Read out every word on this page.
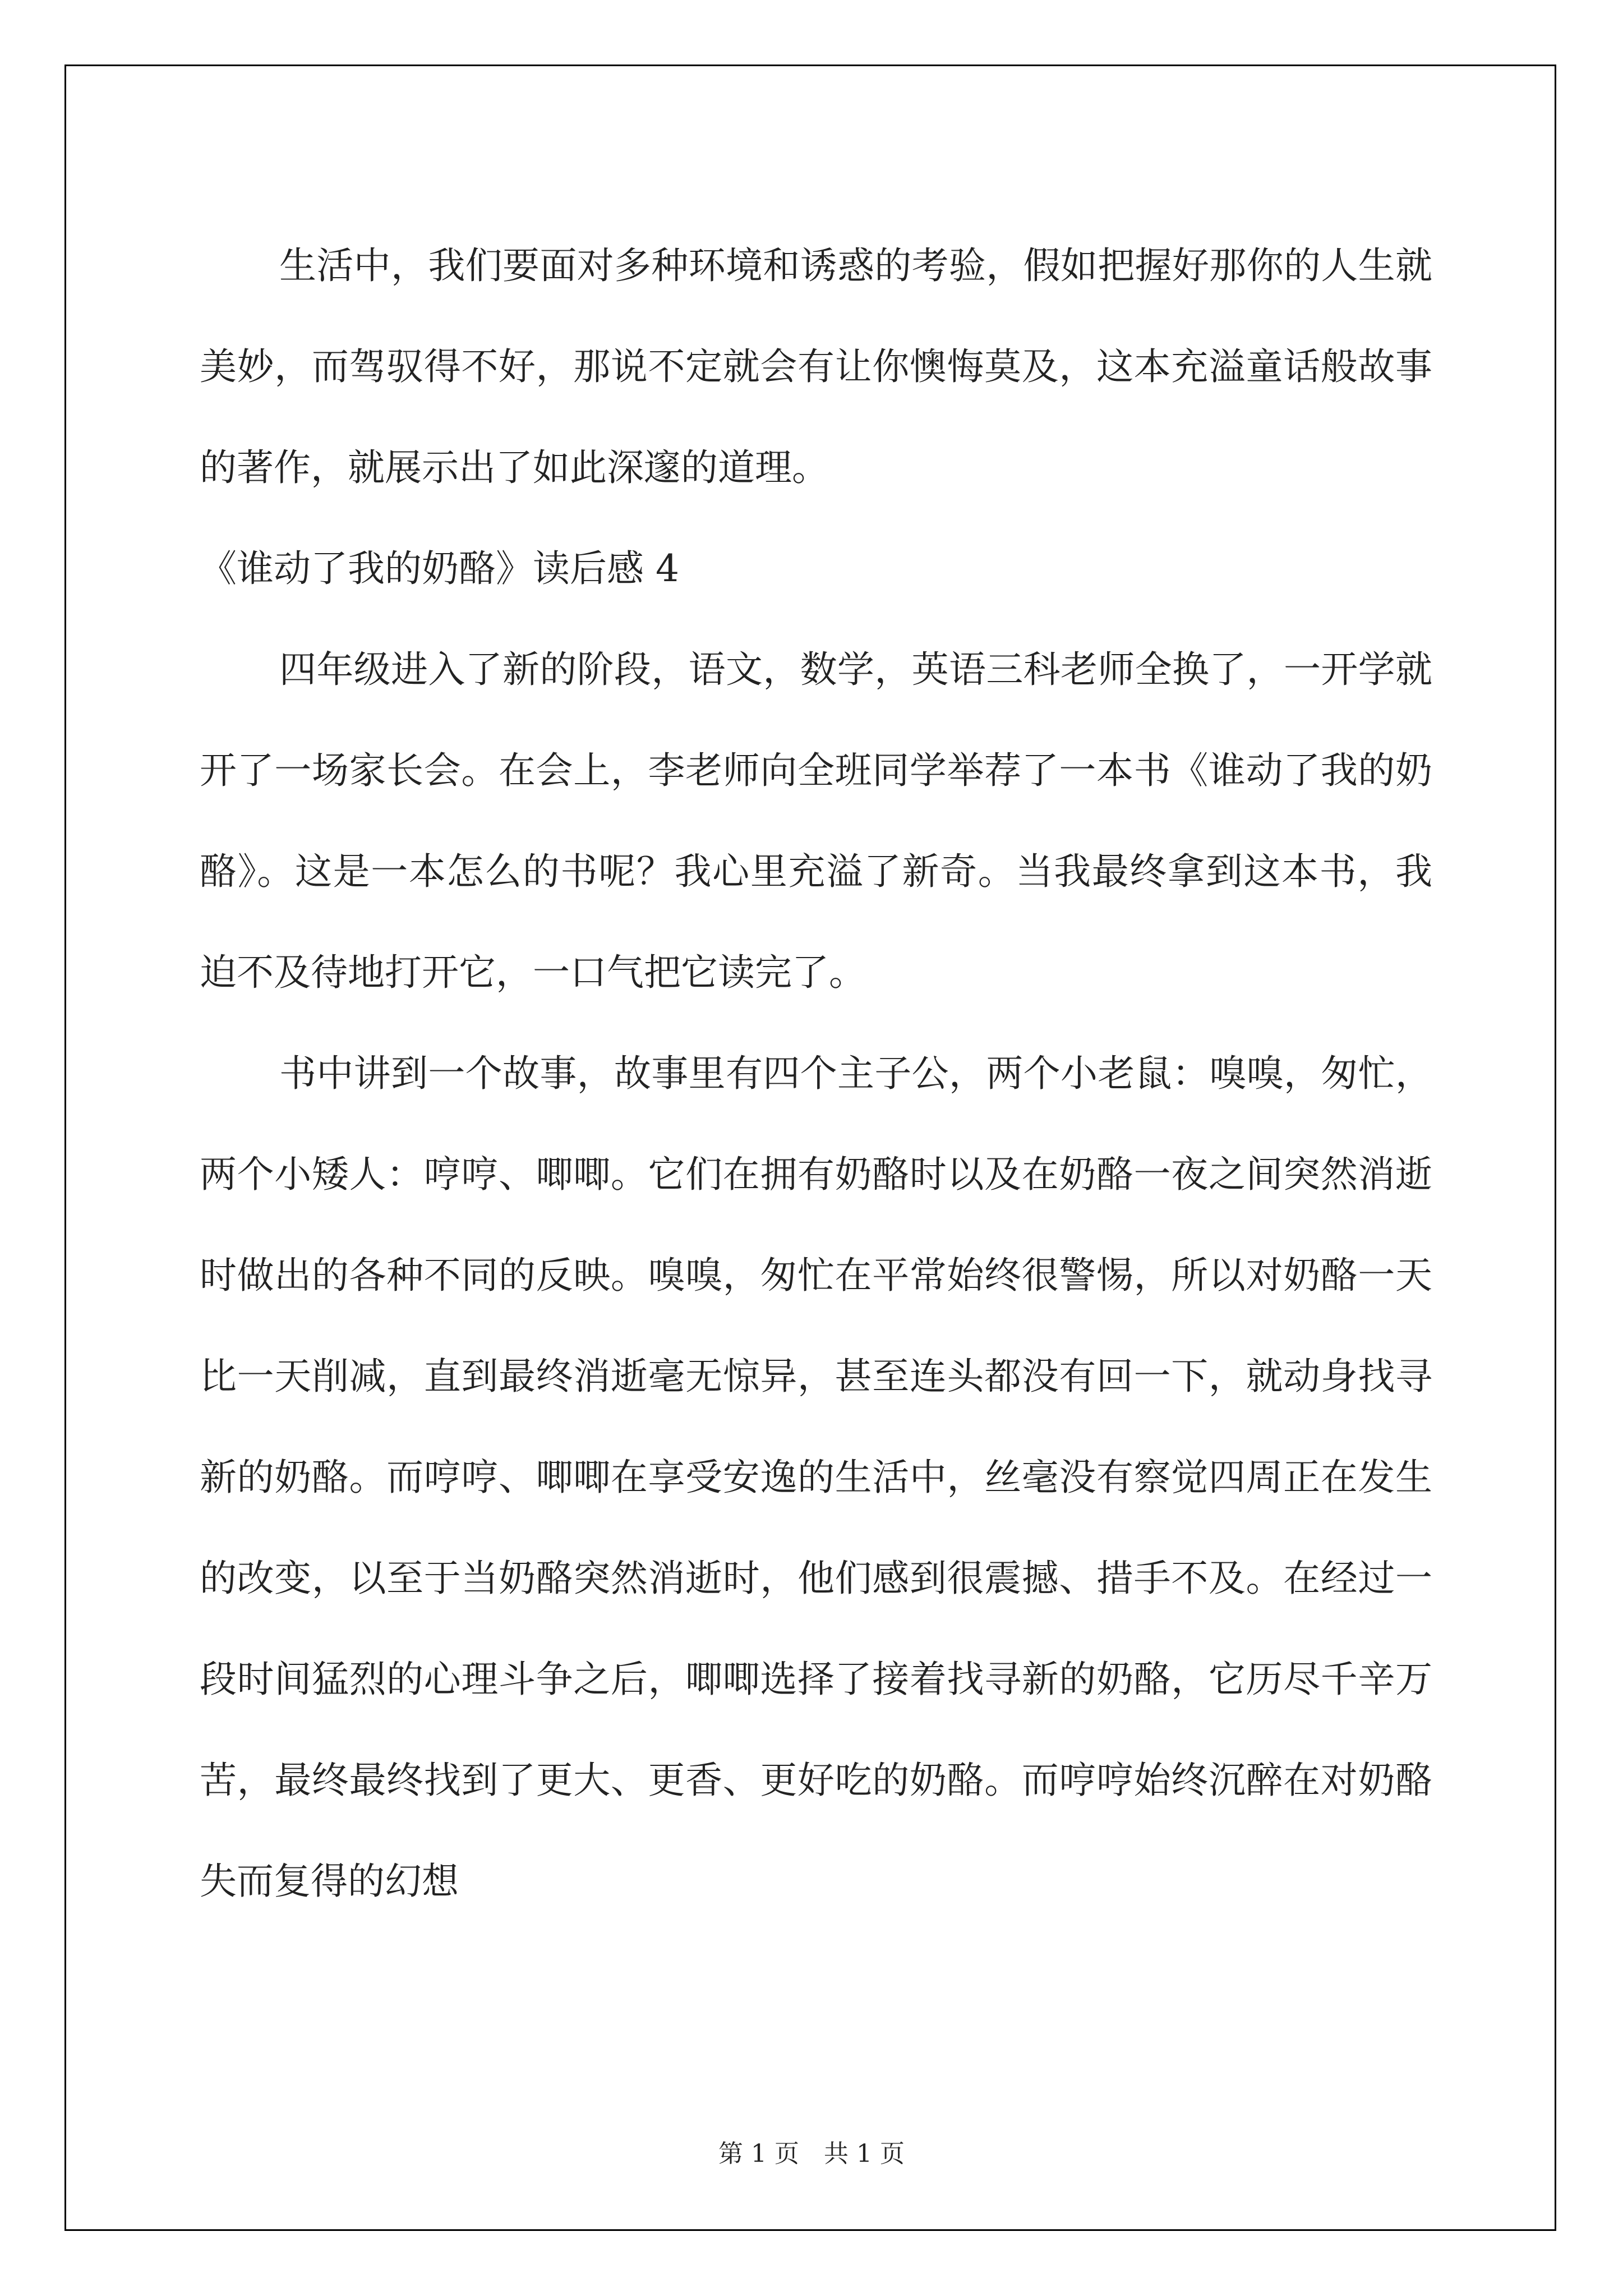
生活中，我们要面对多种环境和诱惑的考验，假如把握好那你的人生就美妙，而驾驭得不好，那说不定就会有让你懊悔莫及，这本充溢童话般故事的著作，就展示出了如此深邃的道理。

《谁动了我的奶酪》读后感 4

四年级进入了新的阶段，语文，数学，英语三科老师全换了，一开学就开了一场家长会。在会上，李老师向全班同学举荐了一本书《谁动了我的奶酪》。这是一本怎么的书呢？我心里充溢了新奇。当我最终拿到这本书，我迫不及待地打开它，一口气把它读完了。

书中讲到一个故事，故事里有四个主子公，两个小老鼠：嗅嗅，匆忙，两个小矮人：哼哼、唧唧。它们在拥有奶酪时以及在奶酪一夜之间突然消逝时做出的各种不同的反映。嗅嗅，匆忙在平常始终很警惕，所以对奶酪一天比一天削减，直到最终消逝毫无惊异，甚至连头都没有回一下，就动身找寻新的奶酪。而哼哼、唧唧在享受安逸的生活中，丝毫没有察觉四周正在发生的改变，以至于当奶酪突然消逝时，他们感到很震撼、措手不及。在经过一段时间猛烈的心理斗争之后，唧唧选择了接着找寻新的奶酪，它历尽千辛万苦，最终最终找到了更大、更香、更好吃的奶酪。而哼哼始终沉醉在对奶酪失而复得的幻想

第 1 页　共 1 页
